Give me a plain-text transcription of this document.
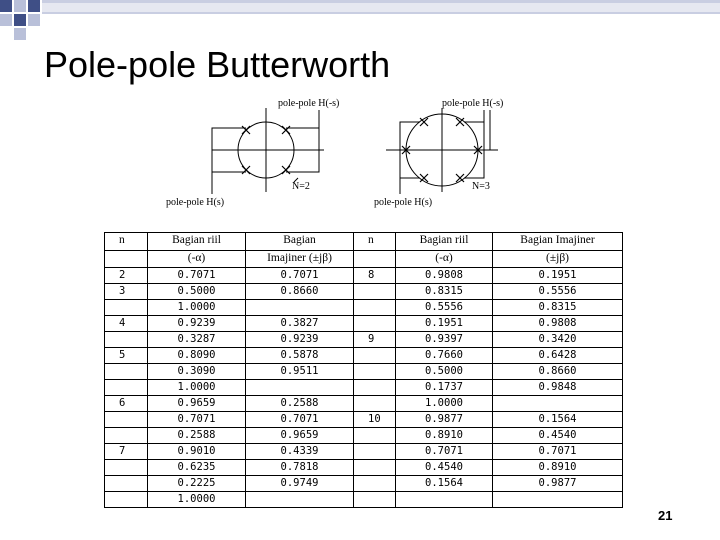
Pole-pole Butterworth
pole-pole H(-s)
pole-pole H(s)
N=2
pole-pole H(-s)
pole-pole H(s)
N=3
n	Bagian riil	Bagian	n	Bagian riil	Bagian Imajiner
	(-α)	Imajiner (±jβ)		(-α)	(±jβ)
2	0.7071	0.7071	8	0.9808	0.1951
3	0.5000	0.8660		0.8315	0.5556
	1.0000			0.5556	0.8315
4	0.9239	0.3827		0.1951	0.9808
	0.3287	0.9239	9	0.9397	0.3420
5	0.8090	0.5878		0.7660	0.6428
	0.3090	0.9511		0.5000	0.8660
	1.0000			0.1737	0.9848
6	0.9659	0.2588		1.0000	
	0.7071	0.7071	10	0.9877	0.1564
	0.2588	0.9659		0.8910	0.4540
7	0.9010	0.4339		0.7071	0.7071
	0.6235	0.7818		0.4540	0.8910
	0.2225	0.9749		0.1564	0.9877
	1.0000				
21
